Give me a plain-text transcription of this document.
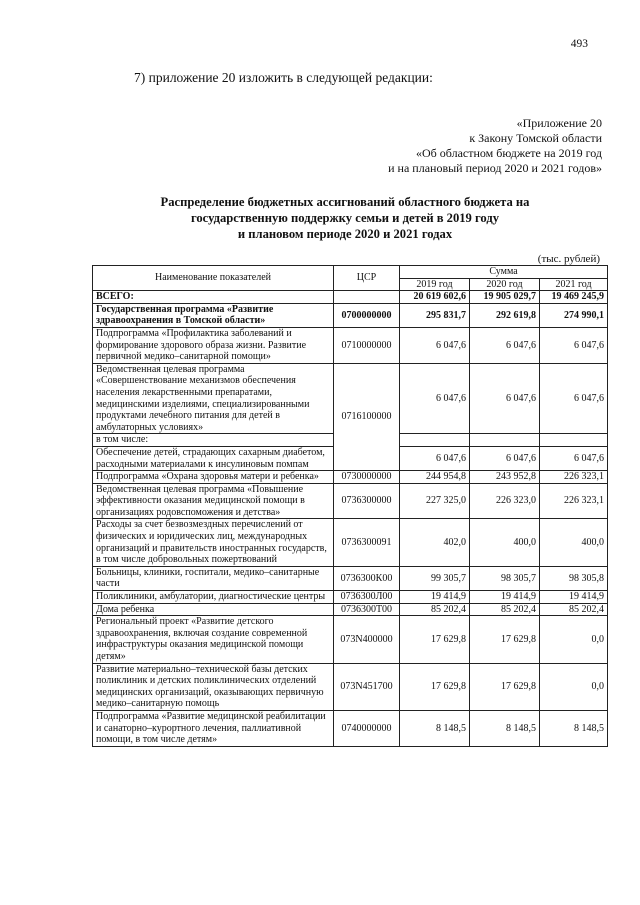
493
7) приложение 20 изложить в следующей редакции:
«Приложение 20
к Закону Томской области
«Об областном бюджете на 2019 год
и на плановый период 2020 и 2021 годов»
Распределение бюджетных ассигнований областного бюджета на
государственную поддержку семьи и детей в 2019 году
и плановом периоде 2020 и 2021 годах
(тыс. рублей)
Наименование показателей	ЦСР	Сумма		
		2019 год	2020 год	2021 год
ВСЕГО:		20 619 602,6	19 905 029,7	19 469 245,9
Государственная программа «Развитие здравоохранения в Томской области»	0700000000	295 831,7	292 619,8	274 990,1
Подпрограмма «Профилактика заболеваний и формирование здорового образа жизни. Развитие первичной медико–санитарной помощи»	0710000000	6 047,6	6 047,6	6 047,6
Ведомственная целевая программа «Совершенствование механизмов обеспечения населения лекарственными препаратами, медицинскими изделиями, специализированными продуктами лечебного питания для детей в амбулаторных условиях»	0716100000	6 047,6	6 047,6	6 047,6
в том числе:				
Обеспечение детей, страдающих сахарным диабетом, расходными материалами к инсулиновым помпам		6 047,6	6 047,6	6 047,6
Подпрограмма «Охрана здоровья матери и ребенка»	0730000000	244 954,8	243 952,8	226 323,1
Ведомственная целевая программа «Повышение эффективности оказания медицинской помощи в организациях родовспоможения и детства»	0736300000	227 325,0	226 323,0	226 323,1
Расходы за счет безвозмездных перечислений от физических и юридических лиц, международных организаций и правительств иностранных государств, в том числе добровольных пожертвований	0736300091	402,0	400,0	400,0
Больницы, клиники, госпитали, медико–санитарные части	0736300К00	99 305,7	98 305,7	98 305,8
Поликлиники, амбулатории, диагностические центры	0736300Л00	19 414,9	19 414,9	19 414,9
Дома ребенка	0736300Т00	85 202,4	85 202,4	85 202,4
Региональный проект «Развитие детского здравоохранения, включая создание современной инфраструктуры оказания медицинской помощи детям»	073N400000	17 629,8	17 629,8	0,0
Развитие материально–технической базы детских поликлиник и детских поликлинических отделений медицинских организаций, оказывающих первичную медико–санитарную помощь	073N451700	17 629,8	17 629,8	0,0
Подпрограмма «Развитие медицинской реабилитации и санаторно–курортного лечения, паллиативной помощи, в том числе детям»	0740000000	8 148,5	8 148,5	8 148,5
